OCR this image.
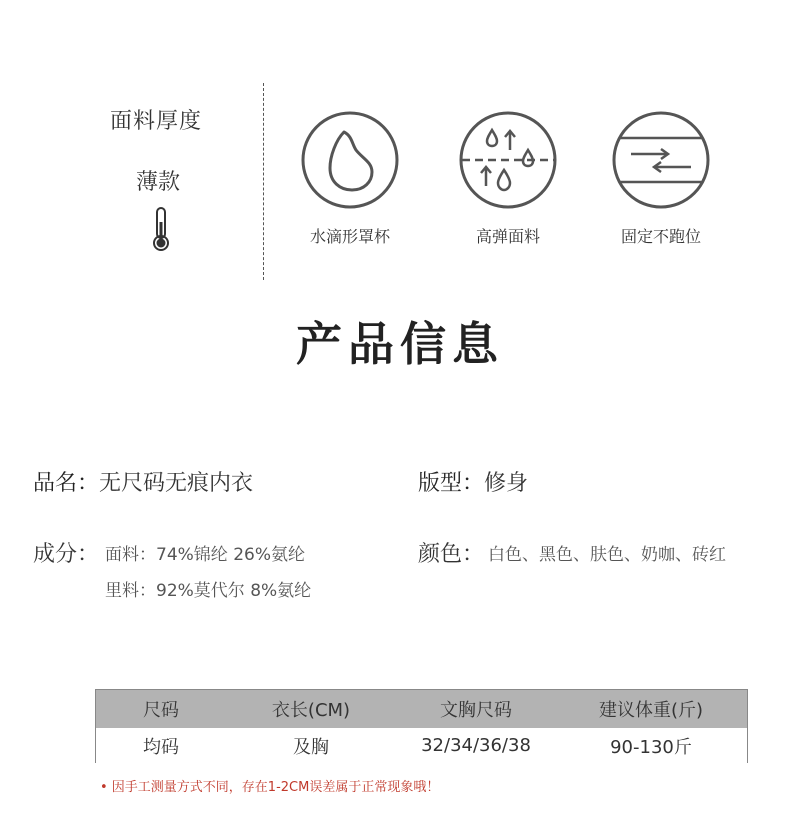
面料厚度
薄款
水滴形罩杯	高弹面料	固定不跑位
产品信息
品名：无尺码无痕内衣	版型：修身
成分： 面料：74%锦纶 26%氨纶
里料：92%莫代尔 8%氨纶
颜色： 白色、黑色、肤色、奶咖、砖红
尺码	衣长(CM)	文胸尺码	建议体重(斤)
均码	及胸	32/34/36/38	90-130斤
• 因手工测量方式不同，存在1-2CM误差属于正常现象哦！
